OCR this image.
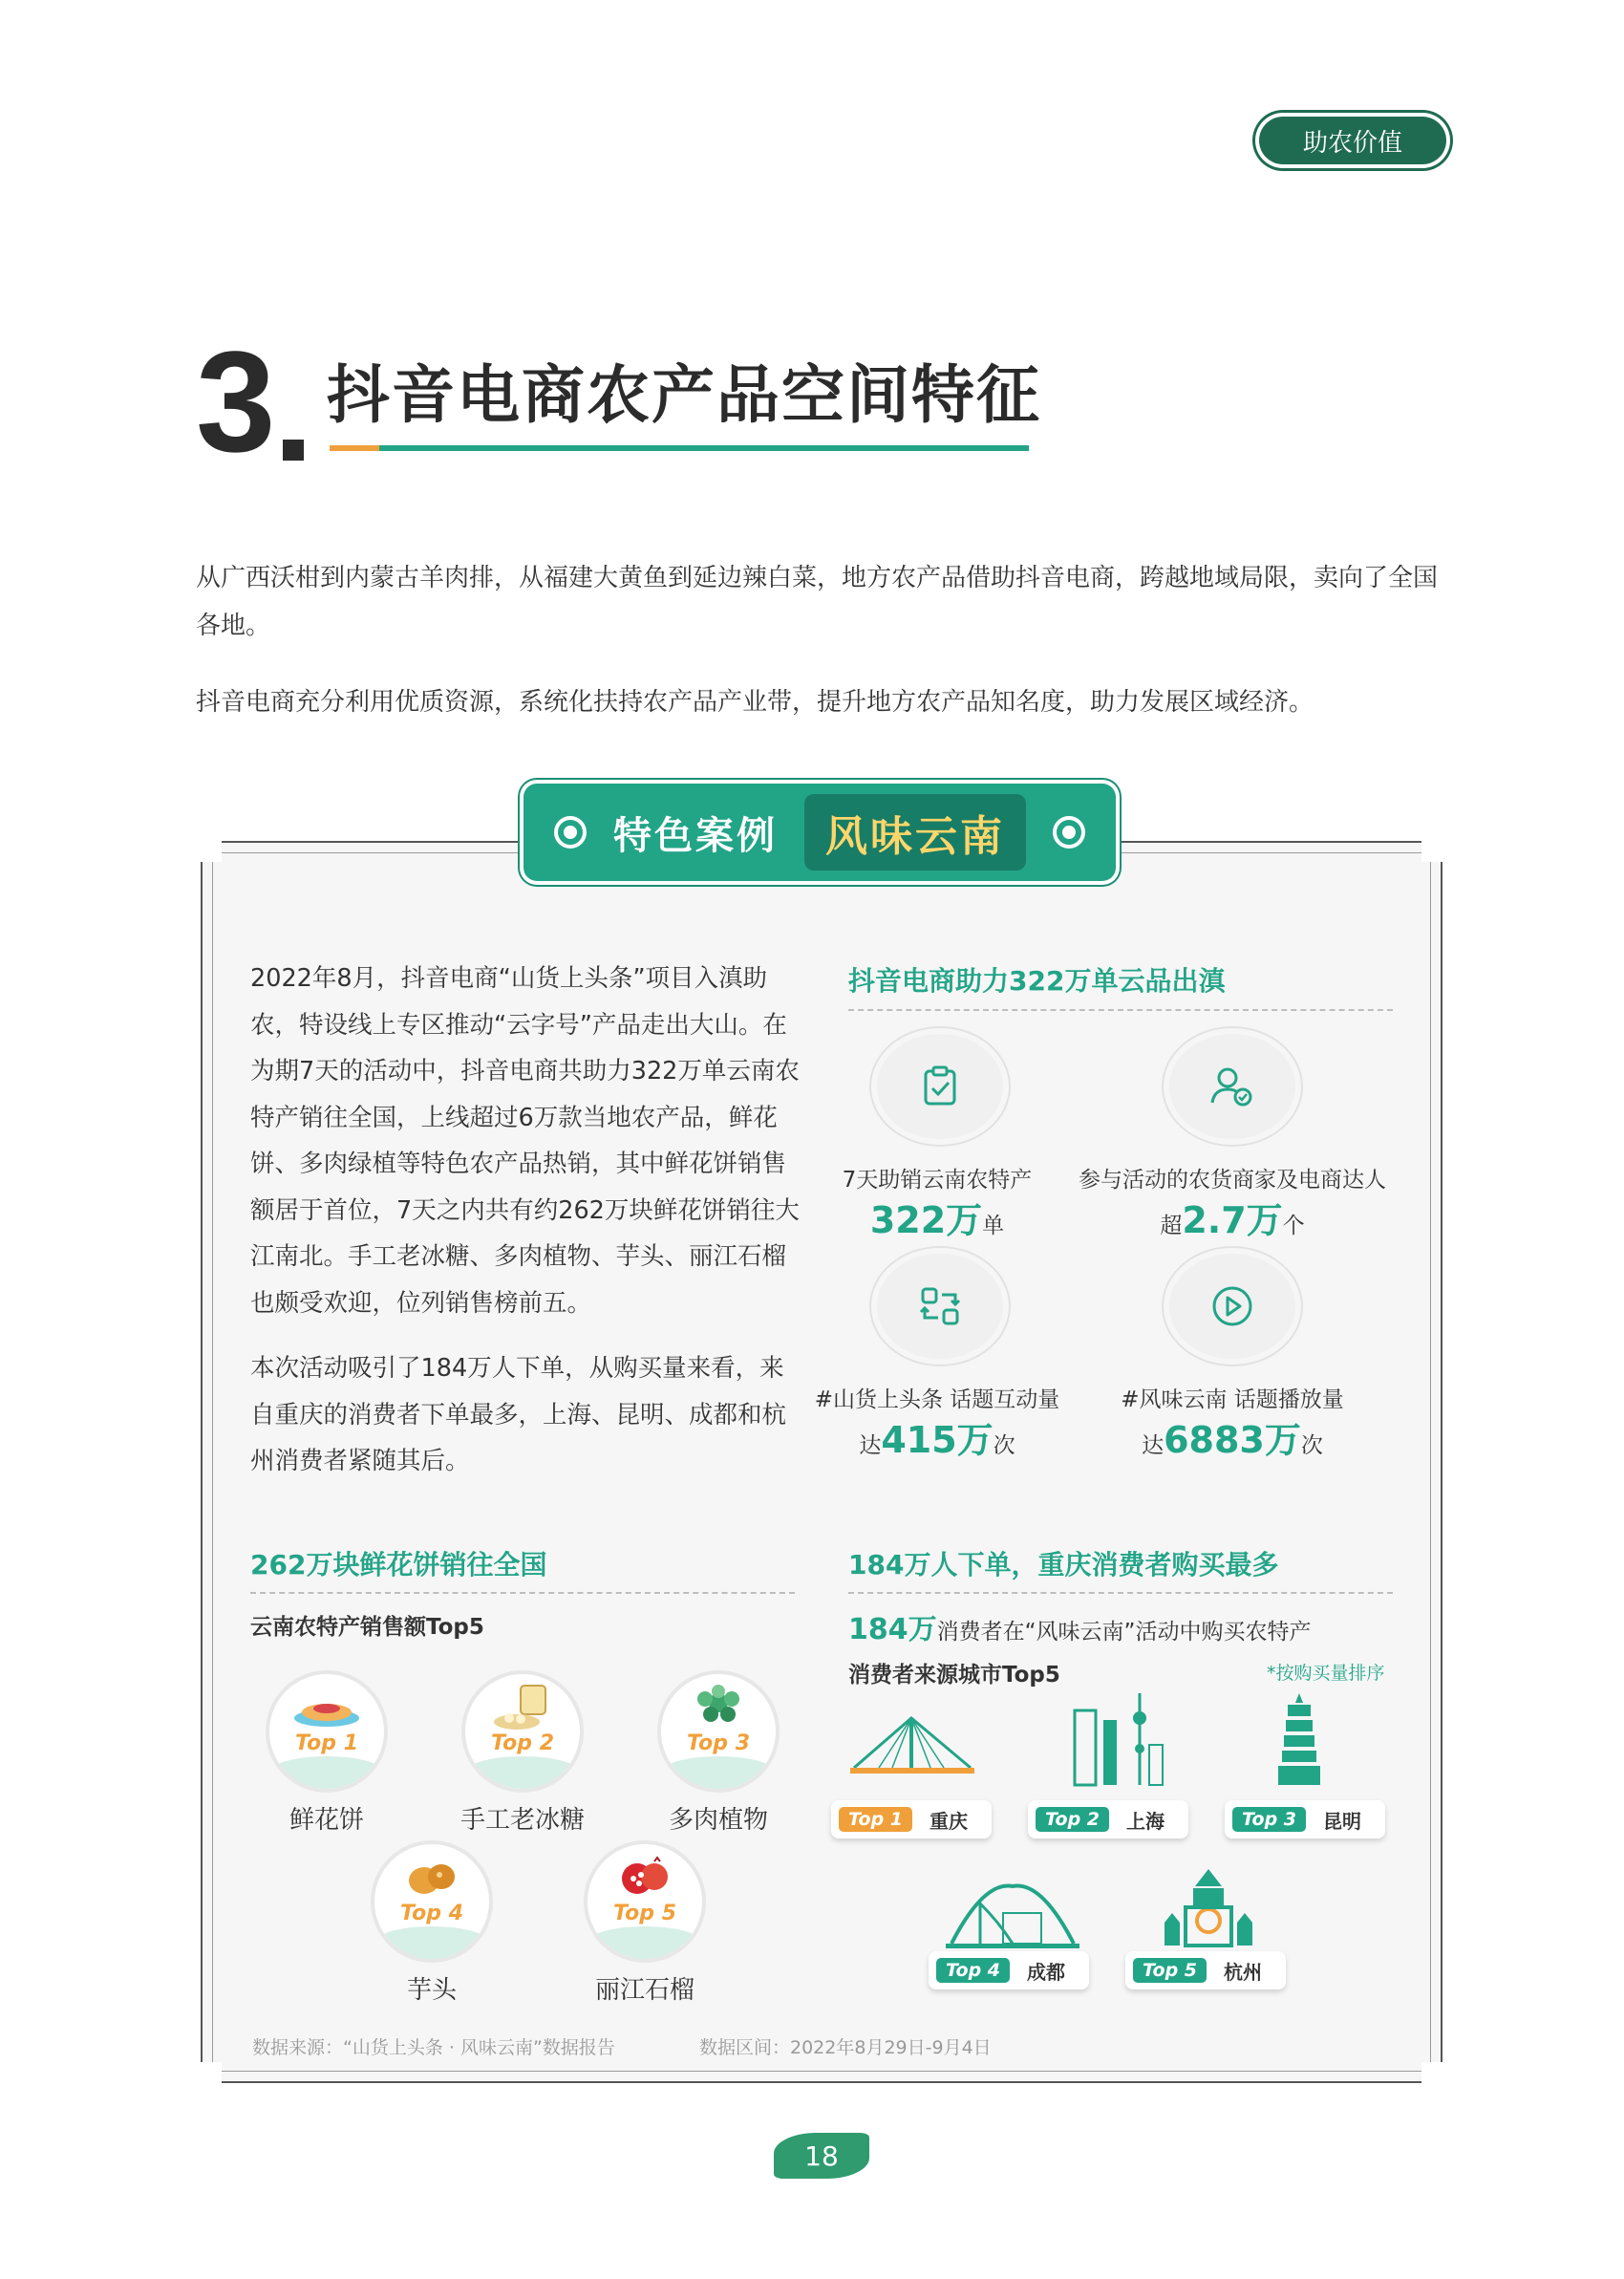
助农价值
3 抖音电商农产品空间特征
从广西沃柑到内蒙古羊肉排，从福建大黄鱼到延边辣白菜，地方农产品借助抖音电商，跨越地域局限，卖向了全国各地。
抖音电商充分利用优质资源，系统化扶持农产品产业带，提升地方农产品知名度，助力发展区域经济。
特色案例	风味云南
2022年8月，抖音电商“山货上头条”项目入滇助农，特设线上专区推动“云字号”产品走出大山。在为期7天的活动中，抖音电商共助力322万单云南农特产销往全国，上线超过6万款当地农产品，鲜花饼、多肉绿植等特色农产品热销，其中鲜花饼销售额居于首位，7天之内共有约262万块鲜花饼销往大江南北。手工老冰糖、多肉植物、芋头、丽江石榴也颇受欢迎，位列销售榜前五。
本次活动吸引了184万人下单，从购买量来看，来自重庆的消费者下单最多，上海、昆明、成都和杭州消费者紧随其后。
抖音电商助力322万单云品出滇
7天助销云南农特产
322万单
参与活动的农货商家及电商达人
超2.7万个
#山货上头条 话题互动量
达415万次
#风味云南 话题播放量
达6883万次
262万块鲜花饼销往全国
云南农特产销售额Top5
Top 1	Top 2	Top 3
鲜花饼	手工老冰糖	多肉植物
Top 4	Top 5
芋头	丽江石榴
184万人下单，重庆消费者购买最多
184万消费者在“风味云南”活动中购买农特产
消费者来源城市Top5	*按购买量排序
Top 1	重庆	Top 2	上海	Top 3	昆明
Top 4	成都	Top 5	杭州
数据来源：“山货上头条 · 风味云南”数据报告	数据区间：2022年8月29日-9月4日
18
